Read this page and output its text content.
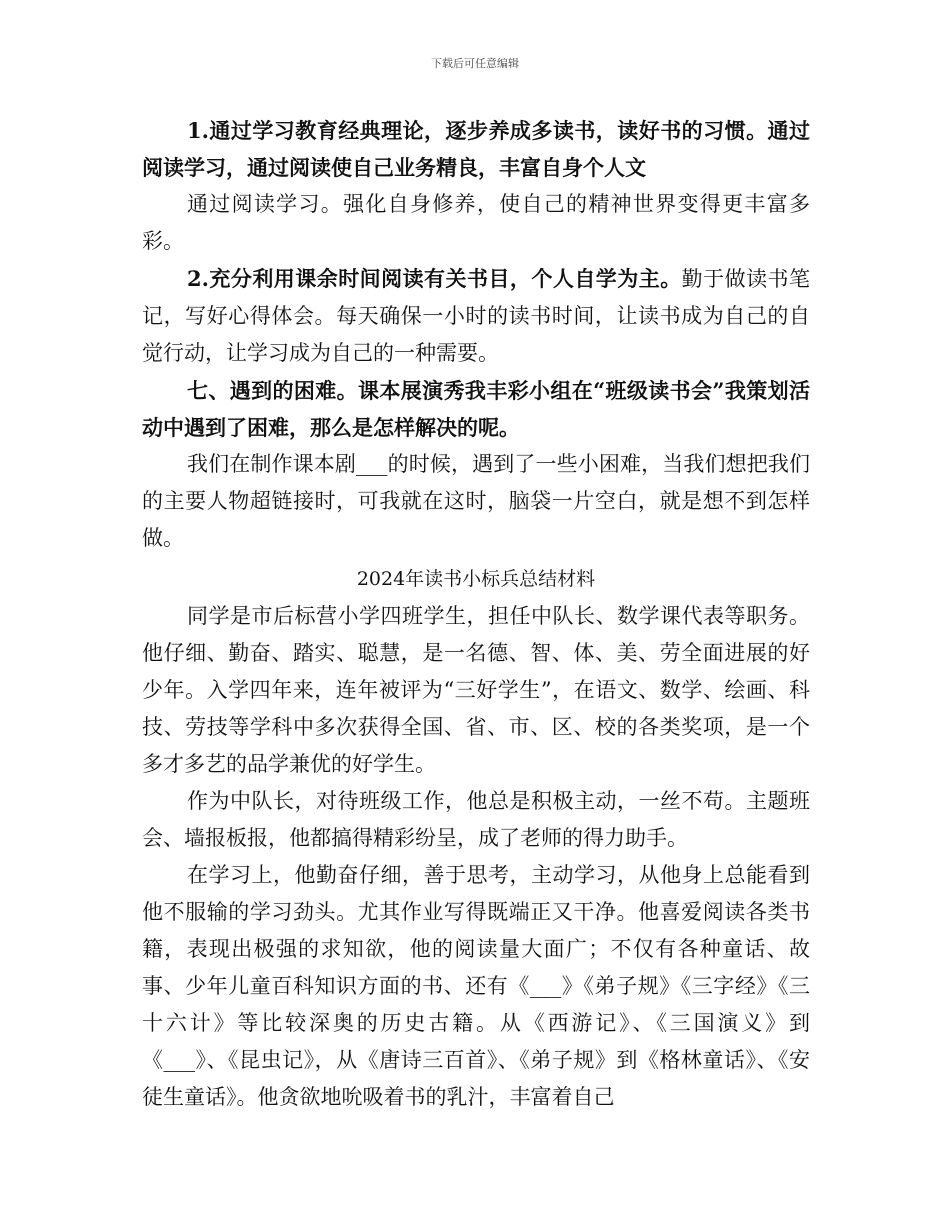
下载后可任意编辑

1.通过学习教育经典理论，逐步养成多读书，读好书的习惯。通过阅读学习，通过阅读使自己业务精良，丰富自身个人文

通过阅读学习。强化自身修养，使自己的精神世界变得更丰富多彩。

2.充分利用课余时间阅读有关书目，个人自学为主。勤于做读书笔记，写好心得体会。每天确保一小时的读书时间，让读书成为自己的自觉行动，让学习成为自己的一种需要。

七、遇到的困难。课本展演秀我丰彩小组在“班级读书会”我策划活动中遇到了困难，那么是怎样解决的呢。

我们在制作课本剧___的时候，遇到了一些小困难，当我们想把我们的主要人物超链接时，可我就在这时，脑袋一片空白，就是想不到怎样做。

2024年读书小标兵总结材料

同学是市后标营小学四班学生，担任中队长、数学课代表等职务。他仔细、勤奋、踏实、聪慧，是一名德、智、体、美、劳全面进展的好少年。入学四年来，连年被评为“三好学生”，在语文、数学、绘画、科技、劳技等学科中多次获得全国、省、市、区、校的各类奖项，是一个多才多艺的品学兼优的好学生。

作为中队长，对待班级工作，他总是积极主动，一丝不苟。主题班会、墙报板报，他都搞得精彩纷呈，成了老师的得力助手。

在学习上，他勤奋仔细，善于思考，主动学习，从他身上总能看到他不服输的学习劲头。尤其作业写得既端正又干净。他喜爱阅读各类书籍，表现出极强的求知欲，他的阅读量大面广；不仅有各种童话、故事、少年儿童百科知识方面的书、还有《___》《弟子规》《三字经》《三十六计》等比较深奥的历史古籍。从《西游记》、《三国演义》到《___》、《昆虫记》，从《唐诗三百首》、《弟子规》到《格林童话》、《安徒生童话》。他贪欲地吮吸着书的乳汁，丰富着自己
